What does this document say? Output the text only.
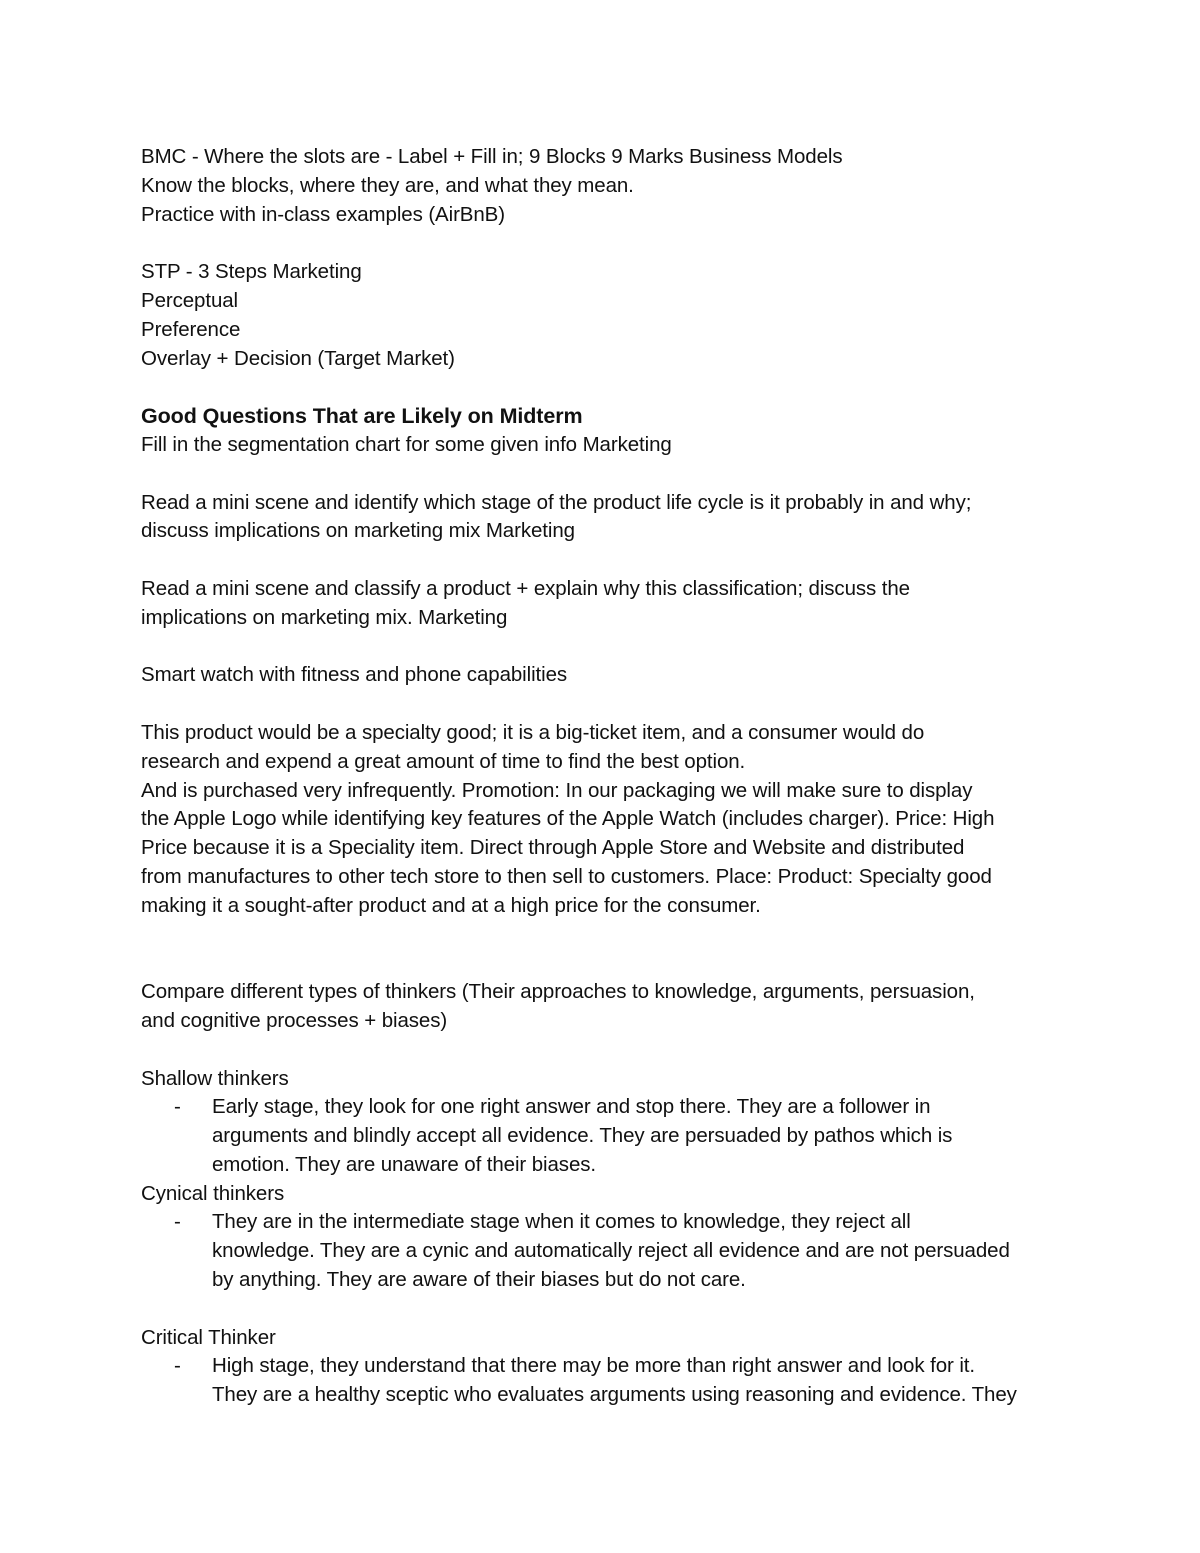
BMC - Where the slots are - Label + Fill in; 9 Blocks 9 Marks Business Models
Know the blocks, where they are, and what they mean.
Practice with in-class examples (AirBnB)
STP - 3 Steps Marketing
Perceptual
Preference
Overlay + Decision (Target Market)
Good Questions That are Likely on Midterm
Fill in the segmentation chart for some given info Marketing
Read a mini scene and identify which stage of the product life cycle is it probably in and why;
discuss implications on marketing mix Marketing
Read a mini scene and classify a product + explain why this classification; discuss the
implications on marketing mix. Marketing
Smart watch with fitness and phone capabilities
This product would be a specialty good; it is a big-ticket item, and a consumer would do
research and expend a great amount of time to find the best option.
And is purchased very infrequently. Promotion: In our packaging we will make sure to display
the Apple Logo while identifying key features of the Apple Watch (includes charger). Price: High
Price because it is a Speciality item. Direct through Apple Store and Website and distributed
from manufactures to other tech store to then sell to customers. Place: Product: Specialty good
making it a sought-after product and at a high price for the consumer.
Compare different types of thinkers (Their approaches to knowledge, arguments, persuasion,
and cognitive processes + biases)
Shallow thinkers
- Early stage, they look for one right answer and stop there. They are a follower in
arguments and blindly accept all evidence. They are persuaded by pathos which is
emotion. They are unaware of their biases.
Cynical thinkers
- They are in the intermediate stage when it comes to knowledge, they reject all
knowledge. They are a cynic and automatically reject all evidence and are not persuaded
by anything. They are aware of their biases but do not care.
Critical Thinker
- High stage, they understand that there may be more than right answer and look for it.
They are a healthy sceptic who evaluates arguments using reasoning and evidence. They
